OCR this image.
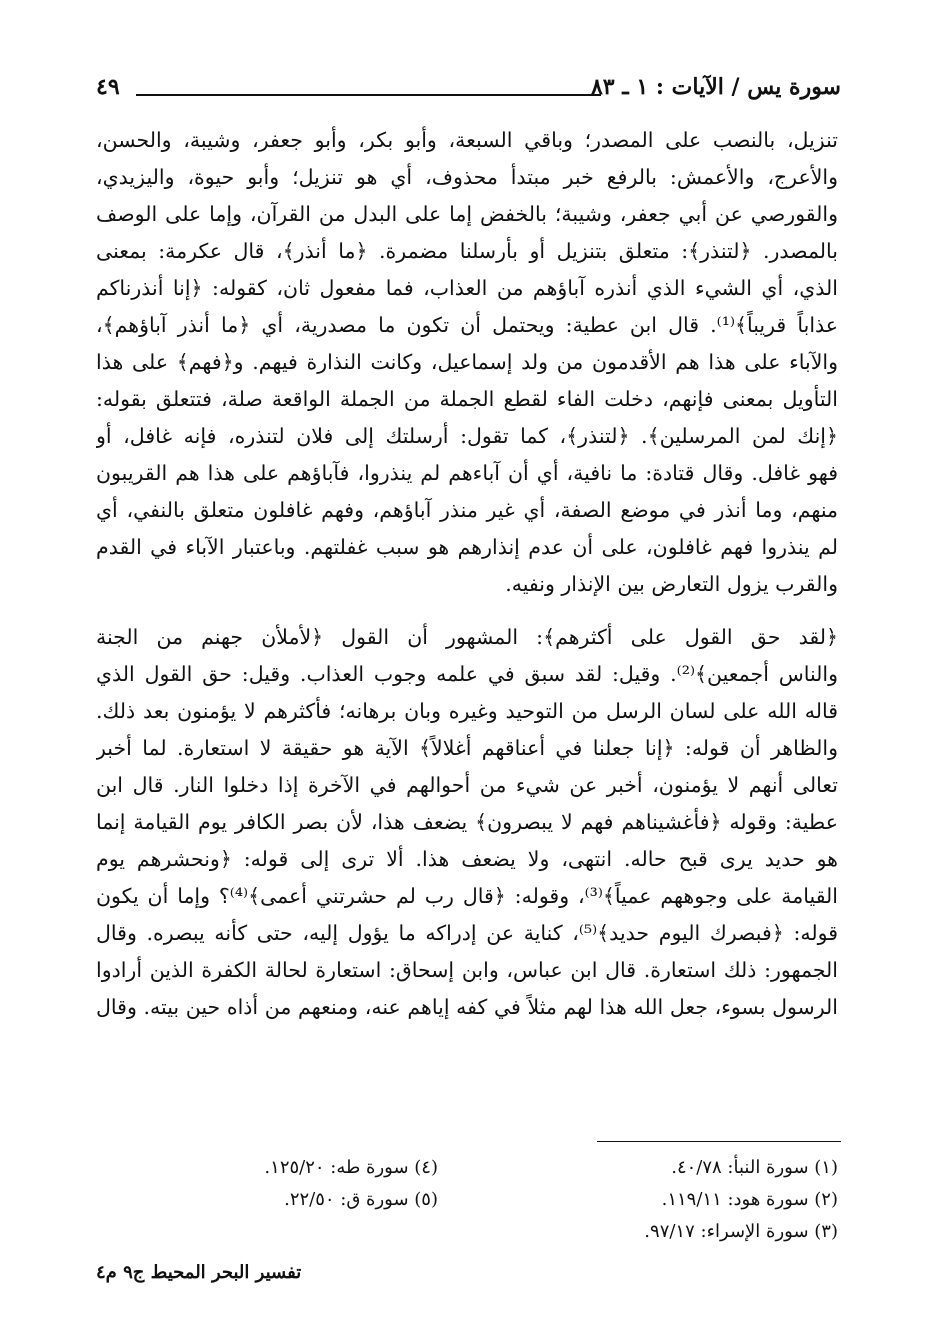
سورة يس / الآيات : ١ ـ ٨٣
٤٩
تنزيل، بالنصب على المصدر؛ وباقي السبعة، وأبو بكر، وأبو جعفر، وشيبة، والحسن،
والأعرج، والأعمش: بالرفع خبر مبتدأ محذوف، أي هو تنزيل؛ وأبو حيوة، واليزيدي،
والقورصي عن أبي جعفر، وشيبة؛ بالخفض إما على البدل من القرآن، وإما على الوصف
بالمصدر. ﴿لتنذر﴾: متعلق بتنزيل أو بأرسلنا مضمرة. ﴿ما أنذر﴾، قال عكرمة: بمعنى
الذي، أي الشيء الذي أنذره آباؤهم من العذاب، فما مفعول ثان، كقوله: ﴿إنا أنذرناكم
عذاباً قريباً﴾⁽¹⁾. قال ابن عطية: ويحتمل أن تكون ما مصدرية، أي ﴿ما أنذر آباؤهم﴾،
والآباء على هذا هم الأقدمون من ولد إسماعيل، وكانت النذارة فيهم. و﴿فهم﴾ على هذا
التأويل بمعنى فإنهم، دخلت الفاء لقطع الجملة من الجملة الواقعة صلة، فتتعلق بقوله:
﴿إنك لمن المرسلين﴾. ﴿لتنذر﴾، كما تقول: أرسلتك إلى فلان لتنذره، فإنه غافل، أو
فهو غافل. وقال قتادة: ما نافية، أي أن آباءهم لم ينذروا، فآباؤهم على هذا هم القريبون
منهم، وما أنذر في موضع الصفة، أي غير منذر آباؤهم، وفهم غافلون متعلق بالنفي، أي
لم ينذروا فهم غافلون، على أن عدم إنذارهم هو سبب غفلتهم. وباعتبار الآباء في القدم
والقرب يزول التعارض بين الإنذار ونفيه.
﴿لقد حق القول على أكثرهم﴾: المشهور أن القول ﴿لأملأن جهنم من الجنة
والناس أجمعين﴾⁽²⁾. وقيل: لقد سبق في علمه وجوب العذاب. وقيل: حق القول الذي
قاله الله على لسان الرسل من التوحيد وغيره وبان برهانه؛ فأكثرهم لا يؤمنون بعد ذلك.
والظاهر أن قوله: ﴿إنا جعلنا في أعناقهم أغلالاً﴾ الآية هو حقيقة لا استعارة. لما أخبر
تعالى أنهم لا يؤمنون، أخبر عن شيء من أحوالهم في الآخرة إذا دخلوا النار. قال ابن
عطية: وقوله ﴿فأغشيناهم فهم لا يبصرون﴾ يضعف هذا، لأن بصر الكافر يوم القيامة إنما
هو حديد يرى قبح حاله. انتهى، ولا يضعف هذا. ألا ترى إلى قوله: ﴿ونحشرهم يوم
القيامة على وجوههم عمياً﴾⁽³⁾، وقوله: ﴿قال رب لم حشرتني أعمى﴾⁽⁴⁾؟ وإما أن يكون
قوله: ﴿فبصرك اليوم حديد﴾⁽⁵⁾، كناية عن إدراكه ما يؤول إليه، حتى كأنه يبصره. وقال
الجمهور: ذلك استعارة. قال ابن عباس، وابن إسحاق: استعارة لحالة الكفرة الذين أرادوا
الرسول بسوء، جعل الله هذا لهم مثلاً في كفه إياهم عنه، ومنعهم من أذاه حين بيته. وقال
(١) سورة النبأ: ٤٠/٧٨.
(٤) سورة طه: ١٢٥/٢٠.
(٢) سورة هود: ١١٩/١١.
(٥) سورة ق: ٢٢/٥٠.
(٣) سورة الإسراء: ٩٧/١٧.
تفسير البحر المحيط ج٩ م٤
